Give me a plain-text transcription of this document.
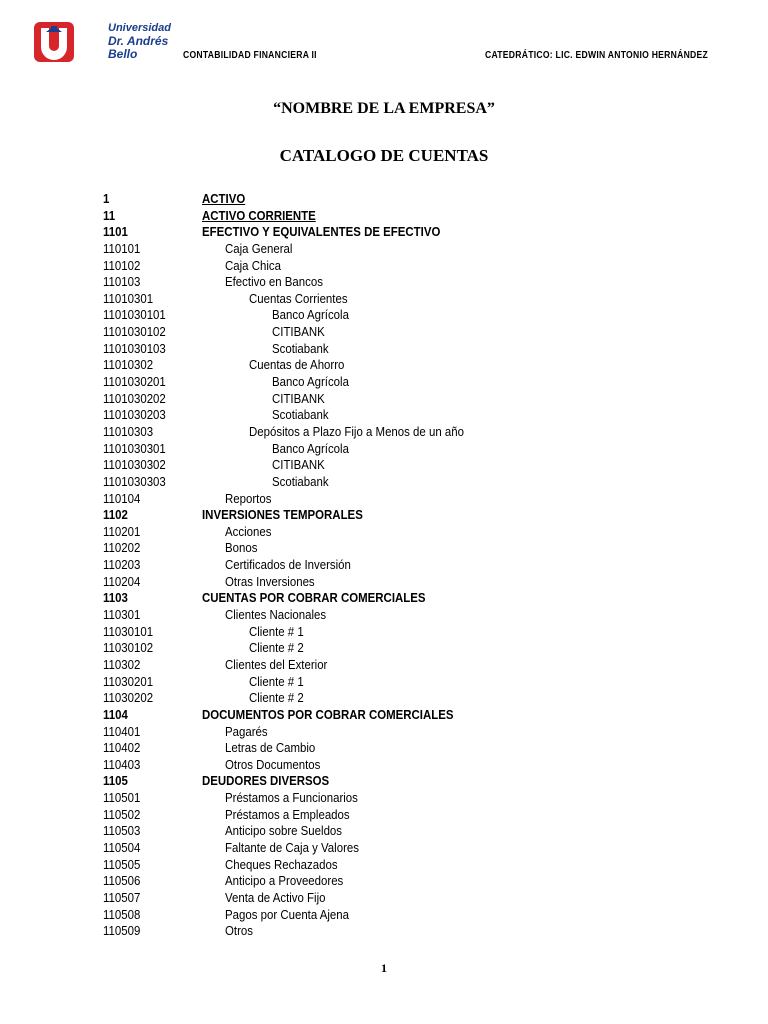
Universidad
Dr. Andrés Bello	CONTABILIDAD FINANCIERA II	CATEDRÁTICO: LIC. EDWIN ANTONIO HERNÁNDEZ
“NOMBRE DE LA EMPRESA”
CATALOGO DE CUENTAS
1	ACTIVO
11	ACTIVO CORRIENTE
1101	EFECTIVO Y EQUIVALENTES DE EFECTIVO
110101	Caja General
110102	Caja Chica
110103	Efectivo en Bancos
11010301	Cuentas Corrientes
1101030101	Banco Agrícola
1101030102	CITIBANK
1101030103	Scotiabank
11010302	Cuentas de Ahorro
1101030201	Banco Agrícola
1101030202	CITIBANK
1101030203	Scotiabank
11010303	Depósitos a Plazo Fijo a Menos de un año
1101030301	Banco Agrícola
1101030302	CITIBANK
1101030303	Scotiabank
110104	Reportos
1102	INVERSIONES TEMPORALES
110201	Acciones
110202	Bonos
110203	Certificados de Inversión
110204	Otras Inversiones
1103	CUENTAS POR COBRAR COMERCIALES
110301	Clientes Nacionales
11030101	Cliente # 1
11030102	Cliente # 2
110302	Clientes del Exterior
11030201	Cliente # 1
11030202	Cliente # 2
1104	DOCUMENTOS POR COBRAR COMERCIALES
110401	Pagarés
110402	Letras de Cambio
110403	Otros Documentos
1105	DEUDORES DIVERSOS
110501	Préstamos a Funcionarios
110502	Préstamos a Empleados
110503	Anticipo sobre Sueldos
110504	Faltante de Caja y Valores
110505	Cheques Rechazados
110506	Anticipo a Proveedores
110507	Venta de Activo Fijo
110508	Pagos por Cuenta Ajena
110509	Otros
1
